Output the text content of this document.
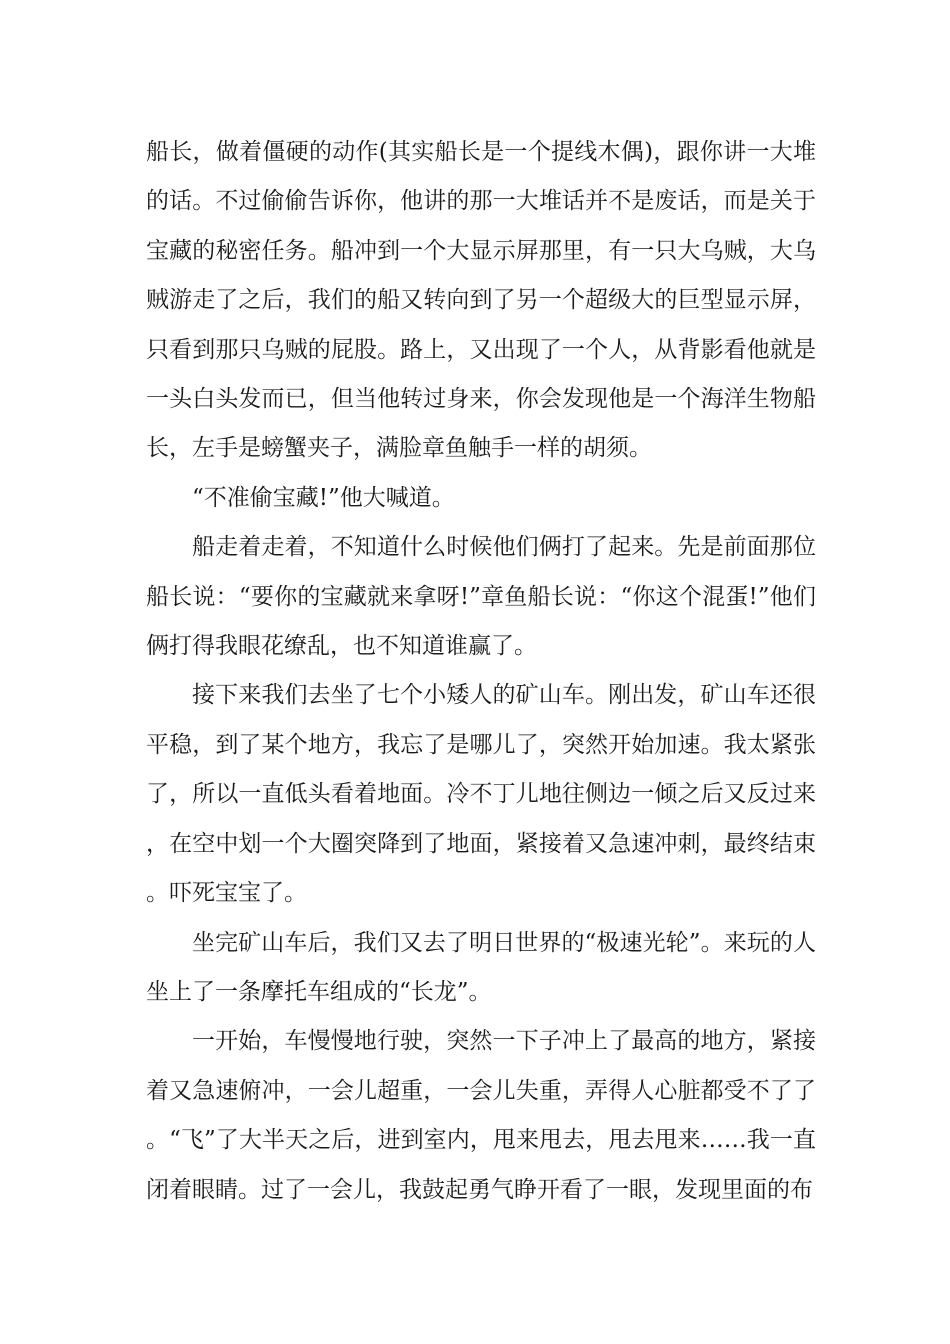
船长，做着僵硬的动作(其实船长是一个提线木偶)，跟你讲一大堆的话。不过偷偷告诉你，他讲的那一大堆话并不是废话，而是关于宝藏的秘密任务。船冲到一个大显示屏那里，有一只大乌贼，大乌贼游走了之后，我们的船又转向到了另一个超级大的巨型显示屏，只看到那只乌贼的屁股。路上，又出现了一个人，从背影看他就是一头白头发而已，但当他转过身来，你会发现他是一个海洋生物船长，左手是螃蟹夹子，满脸章鱼触手一样的胡须。

“不准偷宝藏!”他大喊道。

船走着走着，不知道什么时候他们俩打了起来。先是前面那位船长说：“要你的宝藏就来拿呀!”章鱼船长说：“你这个混蛋!”他们俩打得我眼花缭乱，也不知道谁赢了。

接下来我们去坐了七个小矮人的矿山车。刚出发，矿山车还很平稳，到了某个地方，我忘了是哪儿了，突然开始加速。我太紧张了，所以一直低头看着地面。冷不丁儿地往侧边一倾之后又反过来，在空中划一个大圈突降到了地面，紧接着又急速冲刺，最终结束。吓死宝宝了。

坐完矿山车后，我们又去了明日世界的“极速光轮”。来玩的人坐上了一条摩托车组成的“长龙”。

一开始，车慢慢地行驶，突然一下子冲上了最高的地方，紧接着又急速俯冲，一会儿超重，一会儿失重，弄得人心脏都受不了了。“飞”了大半天之后，进到室内，甩来甩去，甩去甩来……我一直闭着眼睛。过了一会儿，我鼓起勇气睁开看了一眼，发现里面的布
